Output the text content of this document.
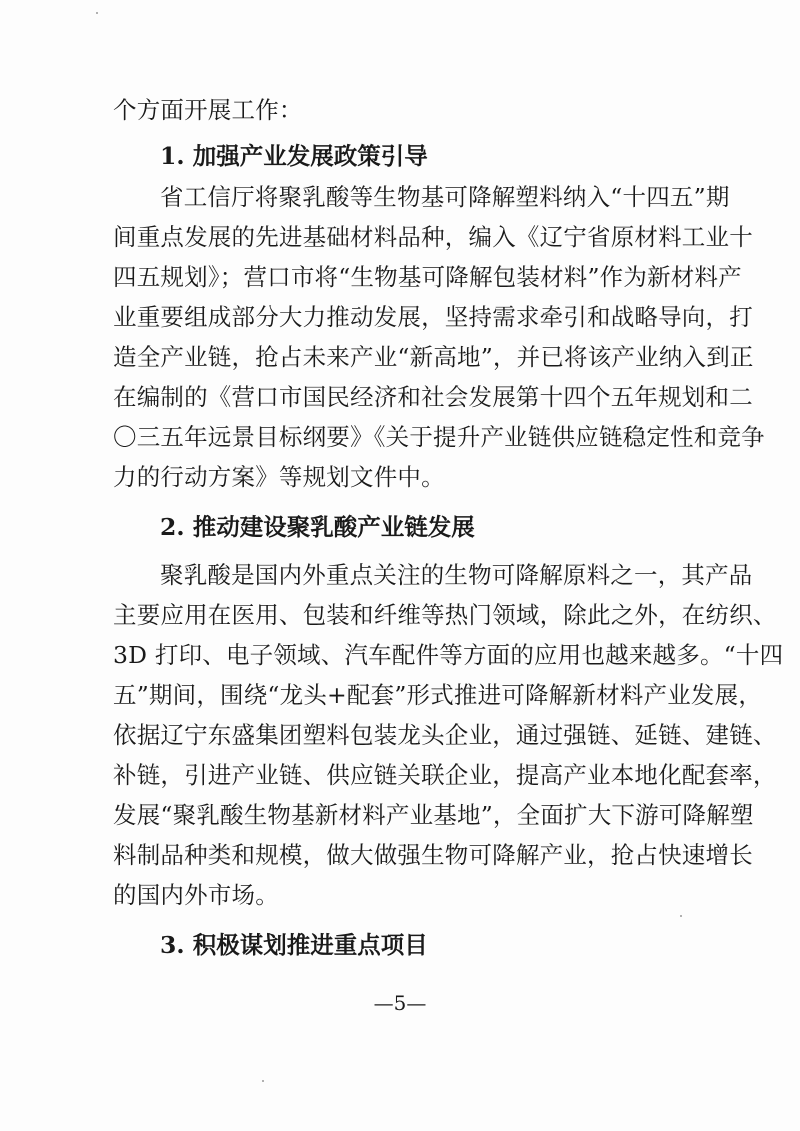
个方面开展工作：
1. 加强产业发展政策引导
省工信厅将聚乳酸等生物基可降解塑料纳入“十四五”期
间重点发展的先进基础材料品种，编入《辽宁省原材料工业十
四五规划》；营口市将“生物基可降解包装材料”作为新材料产
业重要组成部分大力推动发展，坚持需求牵引和战略导向，打
造全产业链，抢占未来产业“新高地”，并已将该产业纳入到正
在编制的《营口市国民经济和社会发展第十四个五年规划和二
〇三五年远景目标纲要》《关于提升产业链供应链稳定性和竞争
力的行动方案》等规划文件中。
2. 推动建设聚乳酸产业链发展
聚乳酸是国内外重点关注的生物可降解原料之一，其产品
主要应用在医用、包装和纤维等热门领域，除此之外，在纺织、
3D 打印、电子领域、汽车配件等方面的应用也越来越多。“十四
五”期间，围绕“龙头+配套”形式推进可降解新材料产业发展，
依据辽宁东盛集团塑料包装龙头企业，通过强链、延链、建链、
补链，引进产业链、供应链关联企业，提高产业本地化配套率，
发展“聚乳酸生物基新材料产业基地”，全面扩大下游可降解塑
料制品种类和规模，做大做强生物可降解产业，抢占快速增长
的国内外市场。
3. 积极谋划推进重点项目
—5—
